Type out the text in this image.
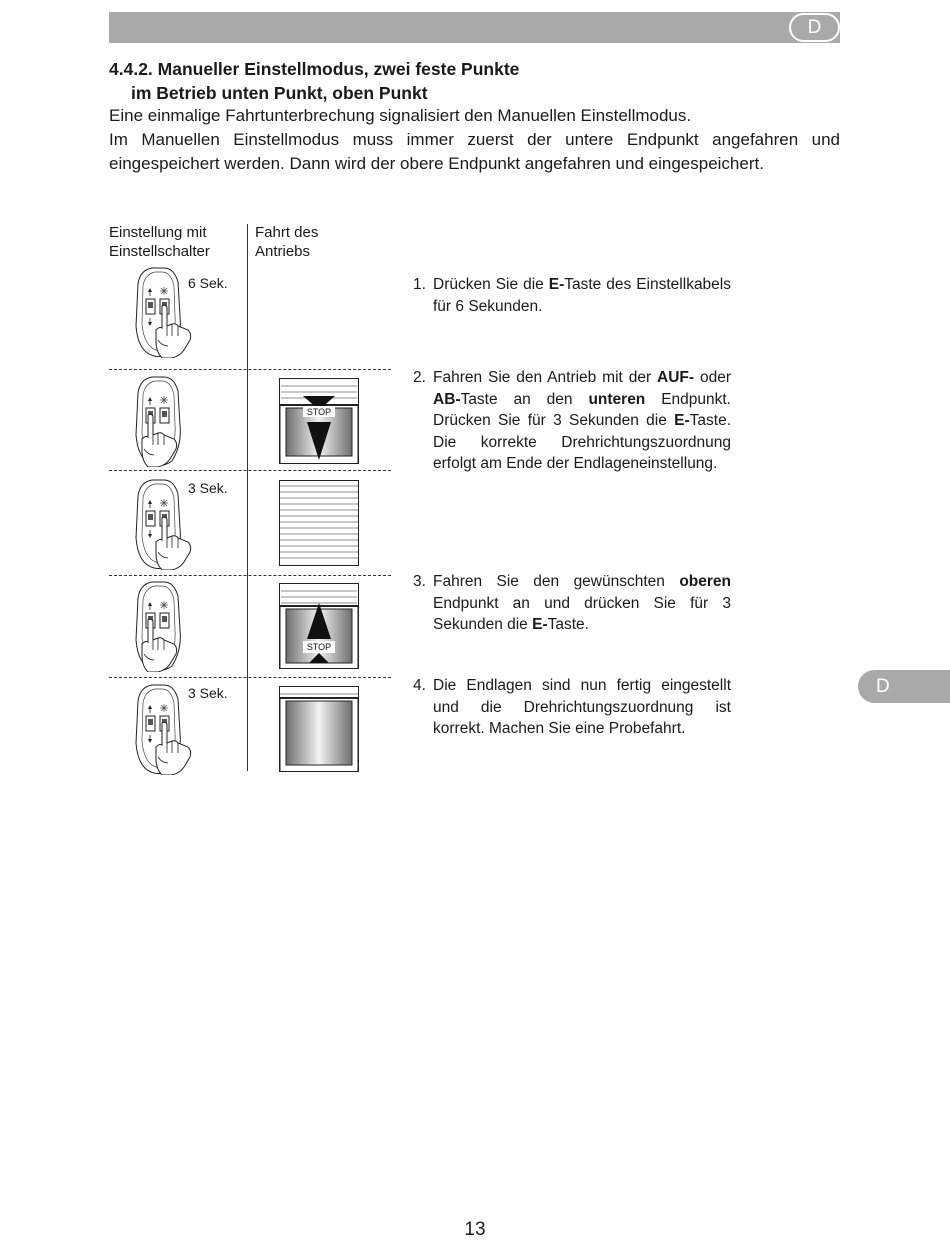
D
D
4.4.2. Manueller Einstellmodus, zwei feste Punkte
im Betrieb unten Punkt, oben Punkt

Eine einmalige Fahrtunterbrechung signalisiert den Manuellen Einstellmodus.

Im Manuellen Einstellmodus muss immer zuerst der untere Endpunkt angefahren und eingespeichert werden. Dann wird der obere Endpunkt angefahren und eingespeichert.

Einstellung mit
Einstellschalter
Fahrt des
Antriebs
6 Sek.
3 Sek.
3 Sek.
STOP
STOP
1. Drücken Sie die E-Taste des Einstellkabels für 6 Sekunden.
2. Fahren Sie den Antrieb mit der AUF- oder AB-Taste an den unteren Endpunkt. Drücken Sie für 3 Sekunden die E-Taste. Die korrekte Drehrichtungszuordnung erfolgt am Ende der Endlageneinstellung.
3. Fahren Sie den gewünschten oberen Endpunkt an und drücken Sie für 3 Sekunden die E-Taste.
4. Die Endlagen sind nun fertig eingestellt und die Drehrichtungszuordnung ist korrekt. Machen Sie eine Probefahrt.
13
